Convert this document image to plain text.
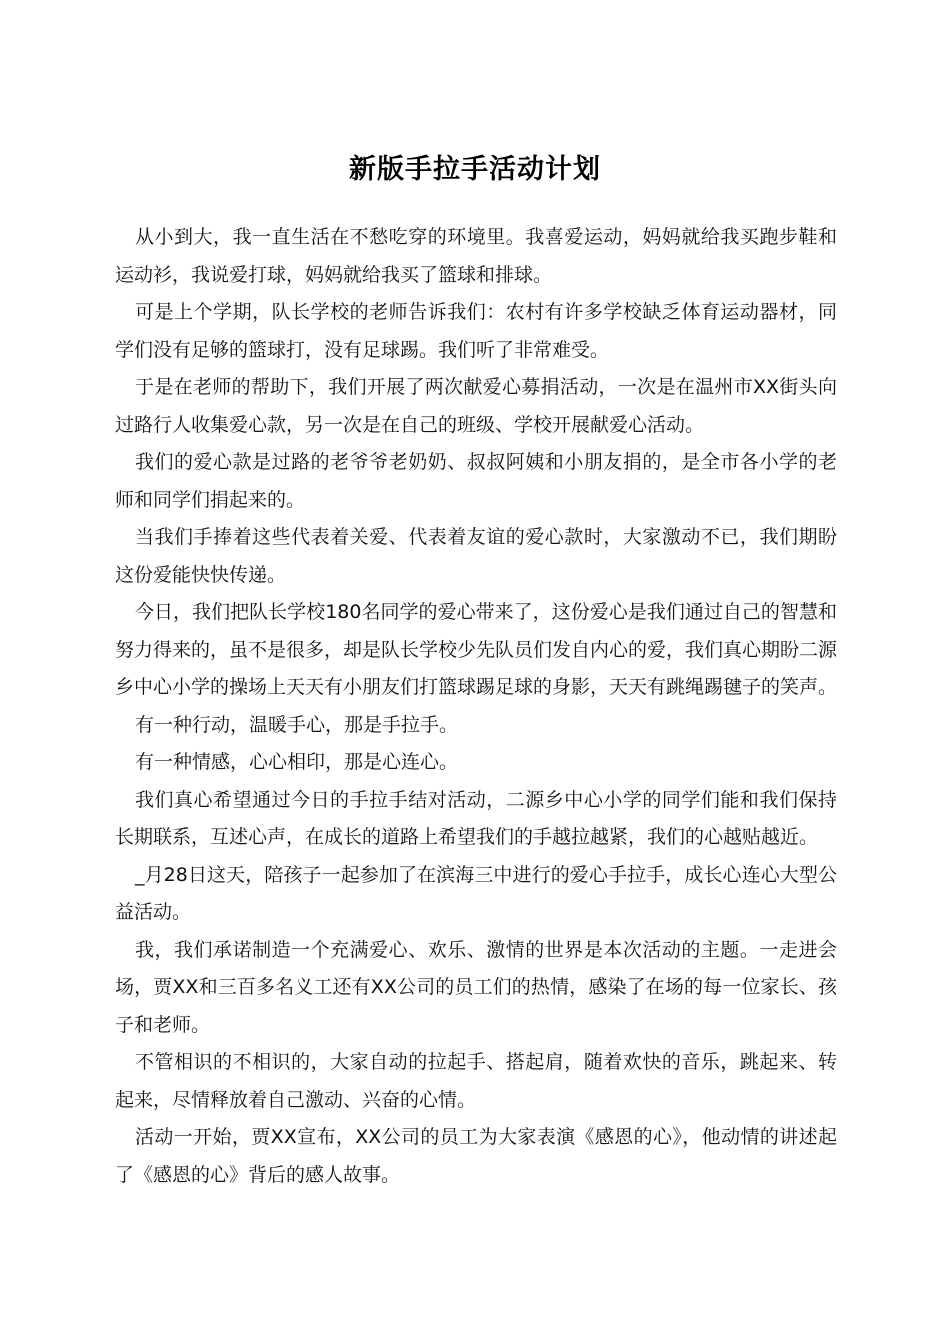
新版手拉手活动计划

从小到大，我一直生活在不愁吃穿的环境里。我喜爱运动，妈妈就给我买跑步鞋和运动衫，我说爱打球，妈妈就给我买了篮球和排球。

可是上个学期，队长学校的老师告诉我们：农村有许多学校缺乏体育运动器材，同学们没有足够的篮球打，没有足球踢。我们听了非常难受。

于是在老师的帮助下，我们开展了两次献爱心募捐活动，一次是在温州市XX街头向过路行人收集爱心款，另一次是在自己的班级、学校开展献爱心活动。

我们的爱心款是过路的老爷爷老奶奶、叔叔阿姨和小朋友捐的，是全市各小学的老师和同学们捐起来的。

当我们手捧着这些代表着关爱、代表着友谊的爱心款时，大家激动不已，我们期盼这份爱能快快传递。

今日，我们把队长学校180名同学的爱心带来了，这份爱心是我们通过自己的智慧和努力得来的，虽不是很多，却是队长学校少先队员们发自内心的爱，我们真心期盼二源乡中心小学的操场上天天有小朋友们打篮球踢足球的身影，天天有跳绳踢毽子的笑声。

有一种行动，温暖手心，那是手拉手。

有一种情感，心心相印，那是心连心。

我们真心希望通过今日的手拉手结对活动，二源乡中心小学的同学们能和我们保持长期联系，互述心声，在成长的道路上希望我们的手越拉越紧，我们的心越贴越近。

_月28日这天，陪孩子一起参加了在滨海三中进行的爱心手拉手，成长心连心大型公益活动。

我，我们承诺制造一个充满爱心、欢乐、激情的世界是本次活动的主题。一走进会场，贾XX和三百多名义工还有XX公司的员工们的热情，感染了在场的每一位家长、孩子和老师。

不管相识的不相识的，大家自动的拉起手、搭起肩，随着欢快的音乐，跳起来、转起来，尽情释放着自己激动、兴奋的心情。

活动一开始，贾XX宣布，XX公司的员工为大家表演《感恩的心》，他动情的讲述起了《感恩的心》背后的感人故事。
